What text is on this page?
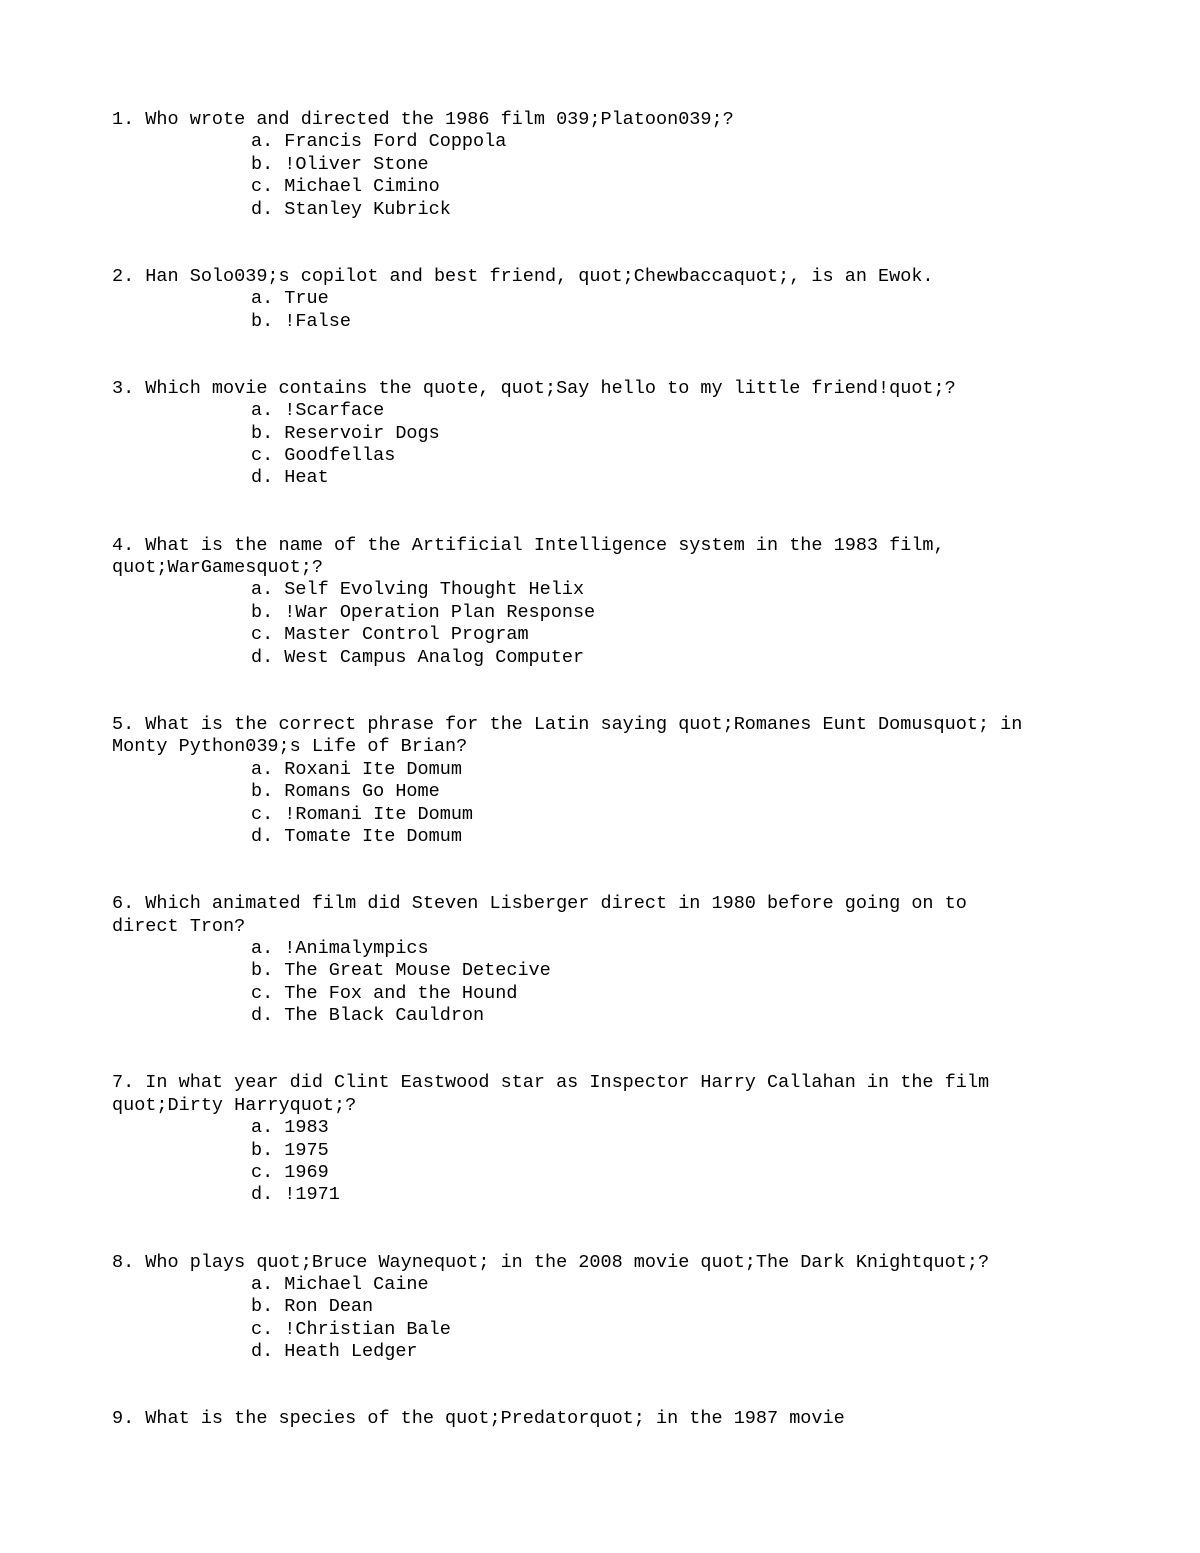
1. Who wrote and directed the 1986 film 039;Platoon039;?
a. Francis Ford Coppola
b. !Oliver Stone
c. Michael Cimino
d. Stanley Kubrick
2. Han Solo039;s copilot and best friend, quot;Chewbaccaquot;, is an Ewok.
a. True
b. !False
3. Which movie contains the quote, quot;Say hello to my little friend!quot;?
a. !Scarface
b. Reservoir Dogs
c. Goodfellas
d. Heat
4. What is the name of the Artificial Intelligence system in the 1983 film,
quot;WarGamesquot;?
a. Self Evolving Thought Helix
b. !War Operation Plan Response
c. Master Control Program
d. West Campus Analog Computer
5. What is the correct phrase for the Latin saying quot;Romanes Eunt Domusquot; in
Monty Python039;s Life of Brian?
a. Roxani Ite Domum
b. Romans Go Home
c. !Romani Ite Domum
d. Tomate Ite Domum
6. Which animated film did Steven Lisberger direct in 1980 before going on to
direct Tron?
a. !Animalympics
b. The Great Mouse Detecive
c. The Fox and the Hound
d. The Black Cauldron
7. In what year did Clint Eastwood star as Inspector Harry Callahan in the film
quot;Dirty Harryquot;?
a. 1983
b. 1975
c. 1969
d. !1971
8. Who plays quot;Bruce Waynequot; in the 2008 movie quot;The Dark Knightquot;?
a. Michael Caine
b. Ron Dean
c. !Christian Bale
d. Heath Ledger
9. What is the species of the quot;Predatorquot; in the 1987 movie
